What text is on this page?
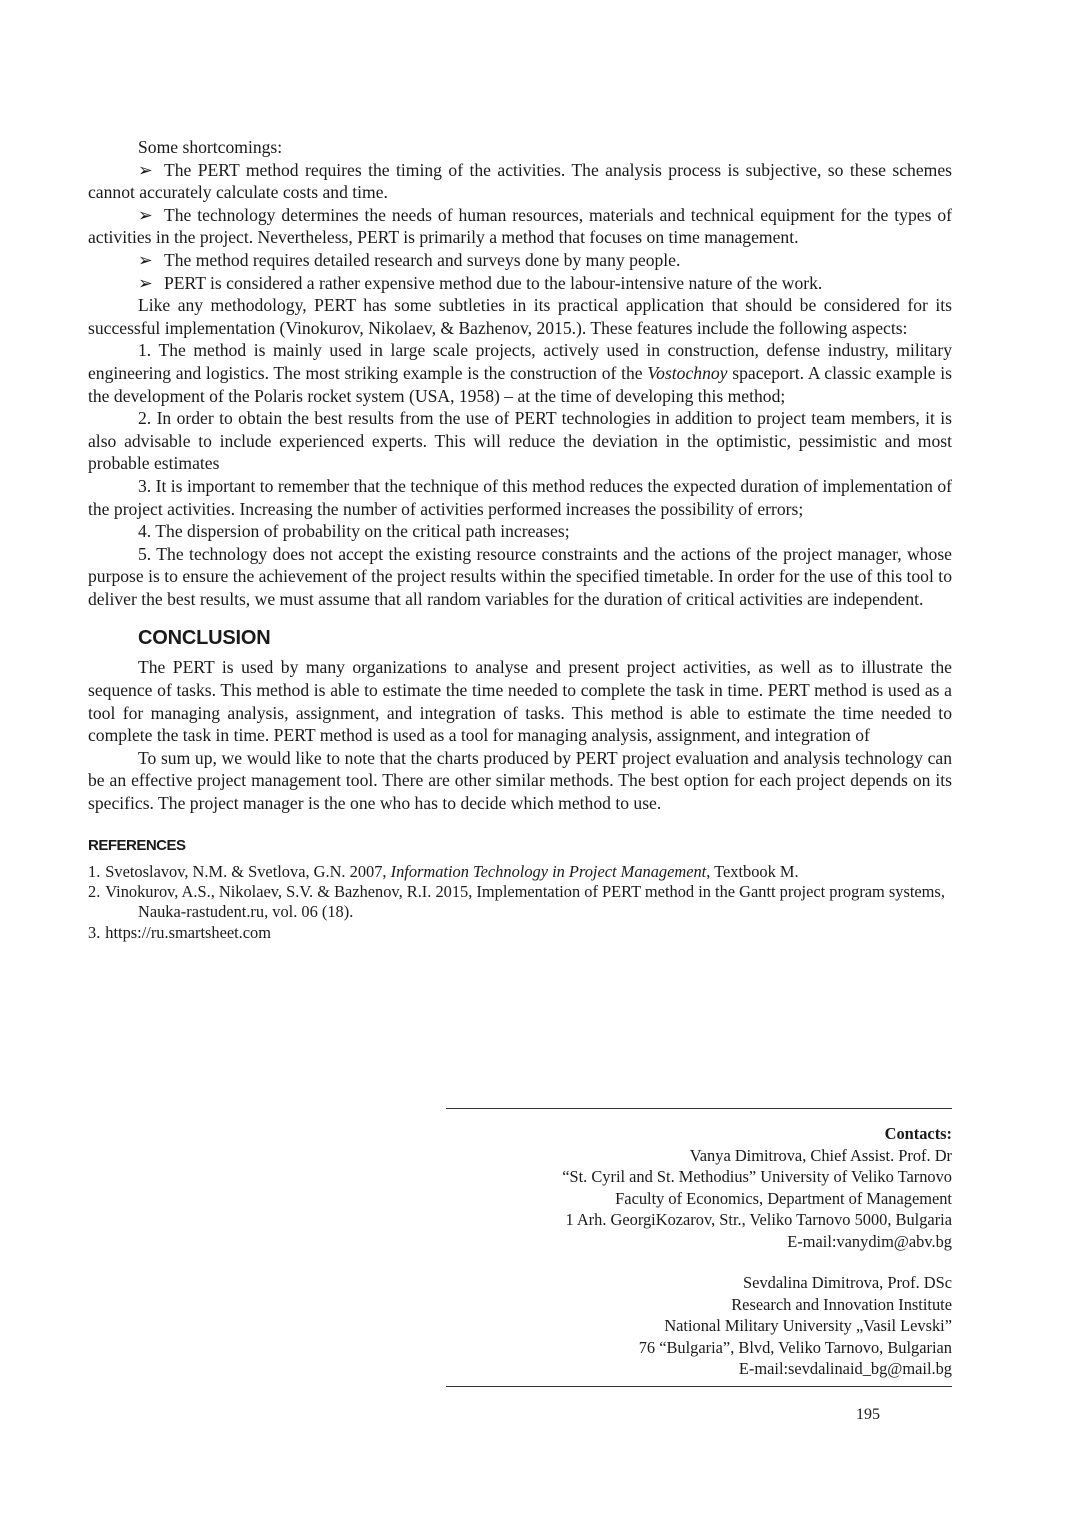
Some shortcomings:

➢ The PERT method requires the timing of the activities. The analysis process is subjective, so these schemes cannot accurately calculate costs and time.

➢ The technology determines the needs of human resources, materials and technical equipment for the types of activities in the project. Nevertheless, PERT is primarily a method that focuses on time management.

➢ The method requires detailed research and surveys done by many people.

➢ PERT is considered a rather expensive method due to the labour-intensive nature of the work.

Like any methodology, PERT has some subtleties in its practical application that should be considered for its successful implementation (Vinokurov, Nikolaev, & Bazhenov, 2015.). These features include the following aspects:

1. The method is mainly used in large scale projects, actively used in construction, defense industry, military engineering and logistics. The most striking example is the construction of the Vostochnoy spaceport. A classic example is the development of the Polaris rocket system (USA, 1958) – at the time of developing this method;

2. In order to obtain the best results from the use of PERT technologies in addition to project team members, it is also advisable to include experienced experts. This will reduce the deviation in the optimistic, pessimistic and most probable estimates

3. It is important to remember that the technique of this method reduces the expected duration of implementation of the project activities. Increasing the number of activities performed increases the possibility of errors;

4. The dispersion of probability on the critical path increases;

5. The technology does not accept the existing resource constraints and the actions of the project manager, whose purpose is to ensure the achievement of the project results within the specified timetable. In order for the use of this tool to deliver the best results, we must assume that all random variables for the duration of critical activities are independent.

CONCLUSION

The PERT is used by many organizations to analyse and present project activities, as well as to illustrate the sequence of tasks. This method is able to estimate the time needed to complete the task in time. PERT method is used as a tool for managing analysis, assignment, and integration of tasks. This method is able to estimate the time needed to complete the task in time. PERT method is used as a tool for managing analysis, assignment, and integration of

To sum up, we would like to note that the charts produced by PERT project evaluation and analysis technology can be an effective project management tool. There are other similar methods. The best option for each project depends on its specifics. The project manager is the one who has to decide which method to use.

REFERENCES

1. Svetoslavov, N.M. & Svetlova, G.N. 2007, Information Technology in Project Management, Textbook M.

2. Vinokurov, A.S., Nikolaev, S.V. & Bazhenov, R.I. 2015, Implementation of PERT method in the Gantt project program systems, Nauka-rastudent.ru, vol. 06 (18).

3. https://ru.smartsheet.com

Contacts:
Vanya Dimitrova, Chief Assist. Prof. Dr
“St. Cyril and St. Methodius” University of Veliko Tarnovo
Faculty of Economics, Department of Management
1 Arh. GeorgiKozarov, Str., Veliko Tarnovo 5000, Bulgaria
E-mail:vanydim@abv.bg
Sevdalina Dimitrova, Prof. DSc
Research and Innovation Institute
National Military University „Vasil Levski”
76 “Bulgaria”, Blvd, Veliko Tarnovo, Bulgarian
E-mail:sevdalinaid_bg@mail.bg
195
